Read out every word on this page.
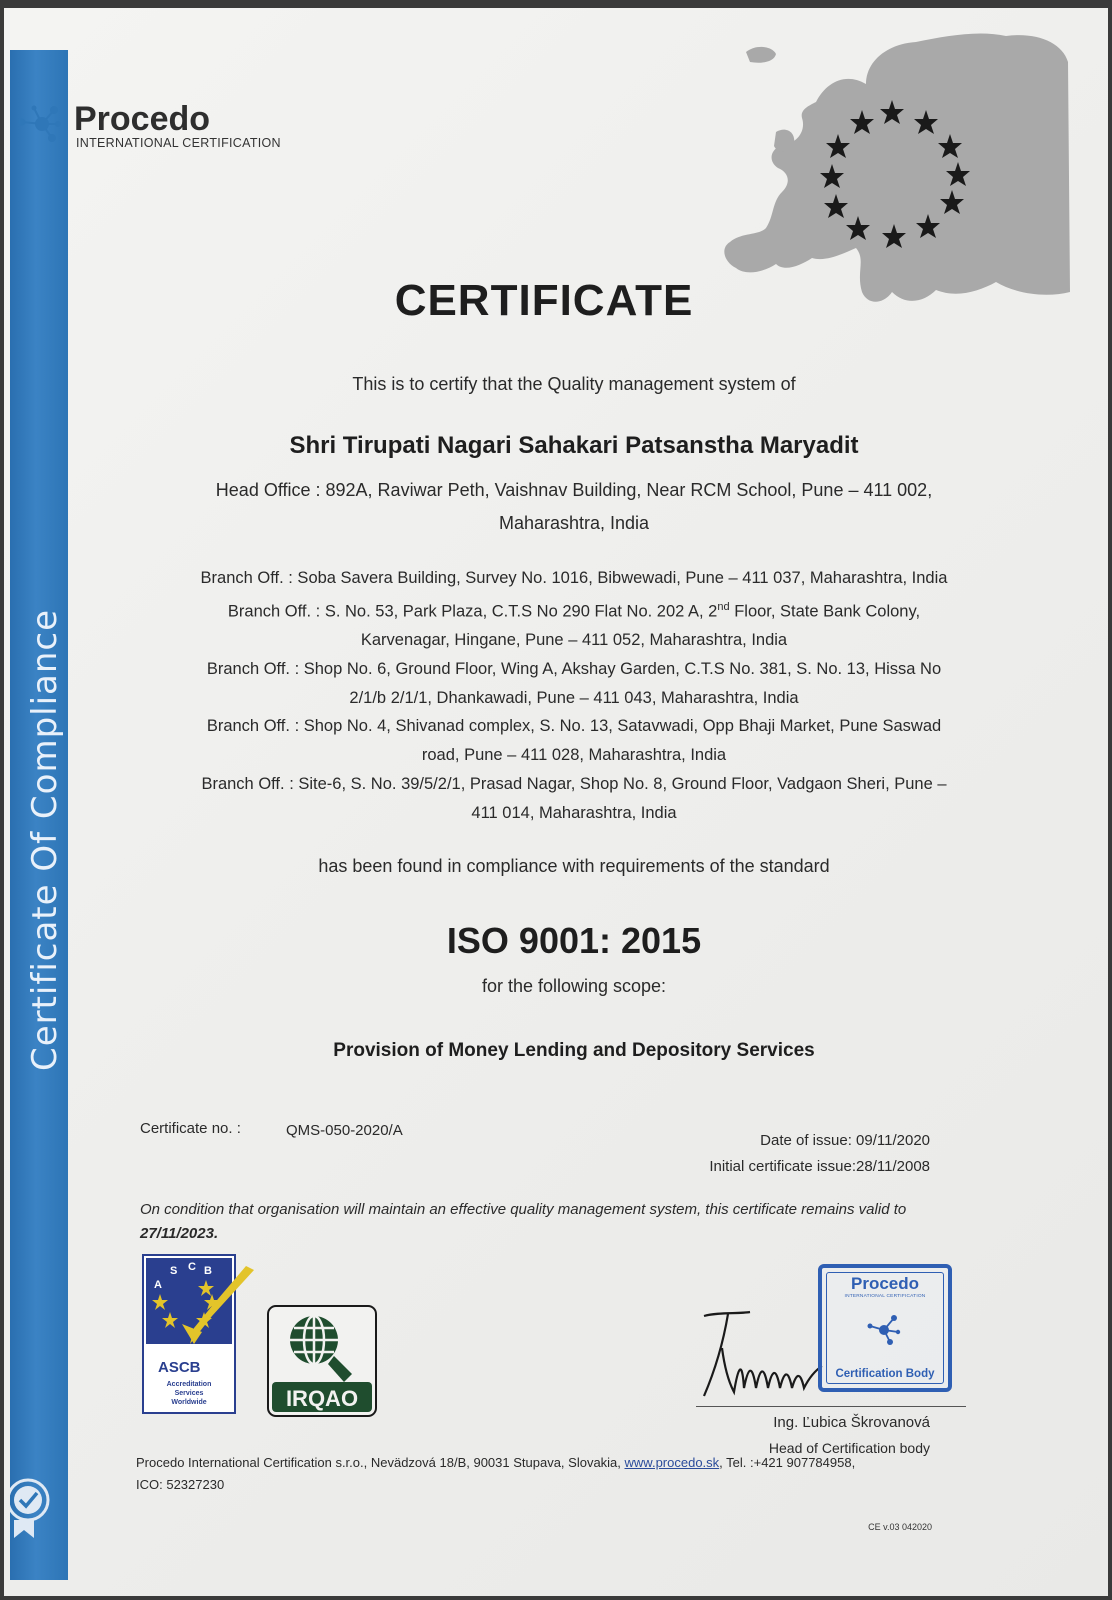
Certificate Of Compliance
Procedo
INTERNATIONAL CERTIFICATION
CERTIFICATE
This is to certify that the Quality management system of
Shri Tirupati Nagari Sahakari Patsanstha Maryadit
Head Office : 892A, Raviwar Peth, Vaishnav Building, Near RCM School, Pune – 411 002,
Maharashtra, India
Branch Off. : Soba Savera Building, Survey No. 1016, Bibwewadi, Pune – 411 037, Maharashtra, India
Branch Off. : S. No. 53, Park Plaza, C.T.S No 290 Flat No. 202 A, 2nd Floor, State Bank Colony,
Karvenagar, Hingane, Pune – 411 052, Maharashtra, India
Branch Off. : Shop No. 6, Ground Floor, Wing A, Akshay Garden, C.T.S No. 381, S. No. 13, Hissa No
2/1/b 2/1/1, Dhankawadi, Pune – 411 043, Maharashtra, India
Branch Off. : Shop No. 4, Shivanad complex, S. No. 13, Satavwadi, Opp Bhaji Market, Pune Saswad
road, Pune – 411 028, Maharashtra, India
Branch Off. : Site-6, S. No. 39/5/2/1, Prasad Nagar, Shop No. 8, Ground Floor, Vadgaon Sheri, Pune –
411 014, Maharashtra, India
has been found in compliance with requirements of the standard
ISO 9001: 2015
for the following scope:
Provision of Money Lending and Depository Services
Certificate no. :	QMS-050-2020/A
Date of issue: 09/11/2020
Initial certificate issue:28/11/2008
On condition that organisation will maintain an effective quality management system, this certificate remains valid to
27/11/2023.
S C B
A
ASCB
Accreditation
Services
Worldwide	IRQAO
Procedo
INTERNATIONAL CERTIFICATION
Certification Body
Ing. Ľubica Škrovanová
Head of Certification body
Procedo International Certification s.r.o., Nevädzová 18/B, 90031 Stupava, Slovakia, www.procedo.sk, Tel. :+421 907784958,
ICO: 52327230
CE v.03 042020
